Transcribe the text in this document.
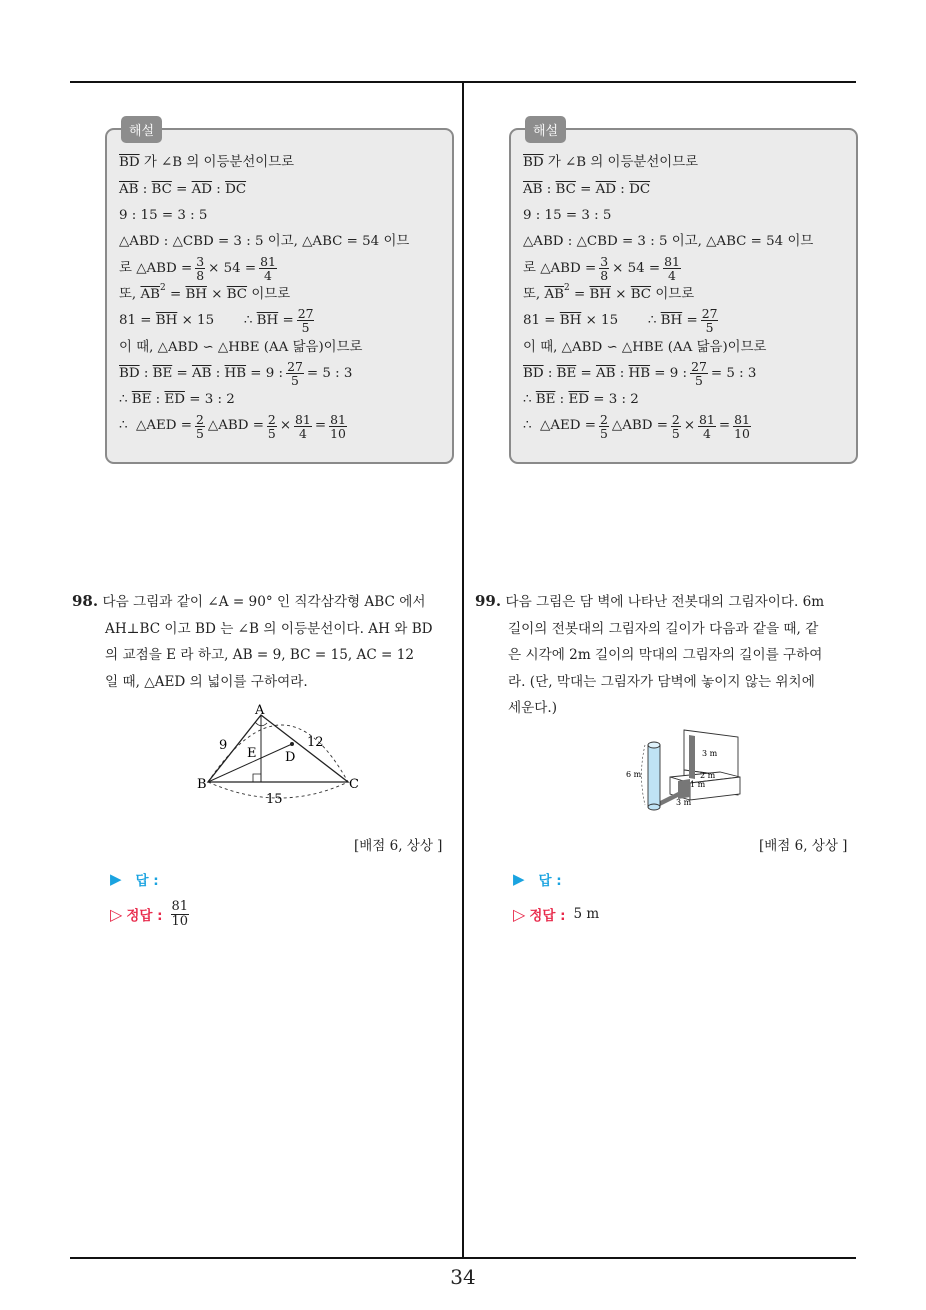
해설
$\overline{BD}$
가 ∠B 의 이등분선이므로
$\overline{AB}$ : $\overline{BC} = \overline{AD}$ : $\overline{DC}$
9 : 15 = 3 : 5
△ABD : △CBD = 3 : 5 이고, △ABC = 54 이므
로 △ABD = $\frac{3}{8} \times 54 = 81$
4
또,
$\overline{AB}$ $2 = \overline{BH} \times \overline{BC}$
이므로
81 =
$\overline{BH}$
× 15 ∴ $\overline{BH} = 27$
5
이 때, △ABD ∽ △HBE (AA 닮음)이므로
$\overline{BD}$ : $\overline{BE} = \overline{AB}$ : $\overline{HB} = 9$ : $\frac{27}{5} = 5$ : 3
∴ $\overline{BE}$ : $\overline{ED}$
= 3 : 2
∴  △AED = 2
5 △ABD = 2
5 × 81
4 = 81
10
해설
$\overline{BD}$
가 ∠B 의 이등분선이므로
$\overline{AB}$ : $\overline{BC} = \overline{AD}$ : $\overline{DC}$
9 : 15 = 3 : 5
△ABD : △CBD = 3 : 5 이고, △ABC = 54 이므
로 △ABD = $\frac{3}{8} \times 54 = 81$
4
또,
$\overline{AB}$ $2 = \overline{BH} \times \overline{BC}$
이므로
81 =
$\overline{BH}$
× 15 ∴ $\overline{BH} = 27$
5
이 때, △ABD ∽ △HBE (AA 닮음)이므로
$\overline{BD}$ : $\overline{BE} = \overline{AB}$ : $\overline{HB} = 9$ : $\frac{27}{5} = 5$ : 3
∴ $\overline{BE}$ : $\overline{ED}$
= 3 : 2
∴  △AED = 2
5 △ABD = 2
5 × 81
4 = 81
10
98. 다음 그림과 같이 ∠A = 90° 인 직각삼각형 ABC 에서
AH⊥BC 이고 BD 는 ∠B 의 이등분선이다. AH 와 BD
의 교점을 E 라 하고, AB = 9, BC = 15, AC = 12
일 때, △AED 의 넓이를 구하여라.
A
B	C
D
E
9	12
15
[배점 6, 상상 ]
▶ 답 :
▷ 정답 :
81
10
99. 다음 그림은 담 벽에 나타난 전봇대의 그림자이다. 6m
길이의 전봇대의 그림자의 길이가 다음과 같을 때, 같
은 시각에 2m 길이의 막대의 그림자의 길이를 구하여
라. (단, 막대는 그림자가 담벽에 놓이지 않는 위치에
세운다.)
6 m
3 m
2 m
1 m
3 m
[배점 6, 상상 ]
▶ 답 :
▷ 정답 : 5 m
34
